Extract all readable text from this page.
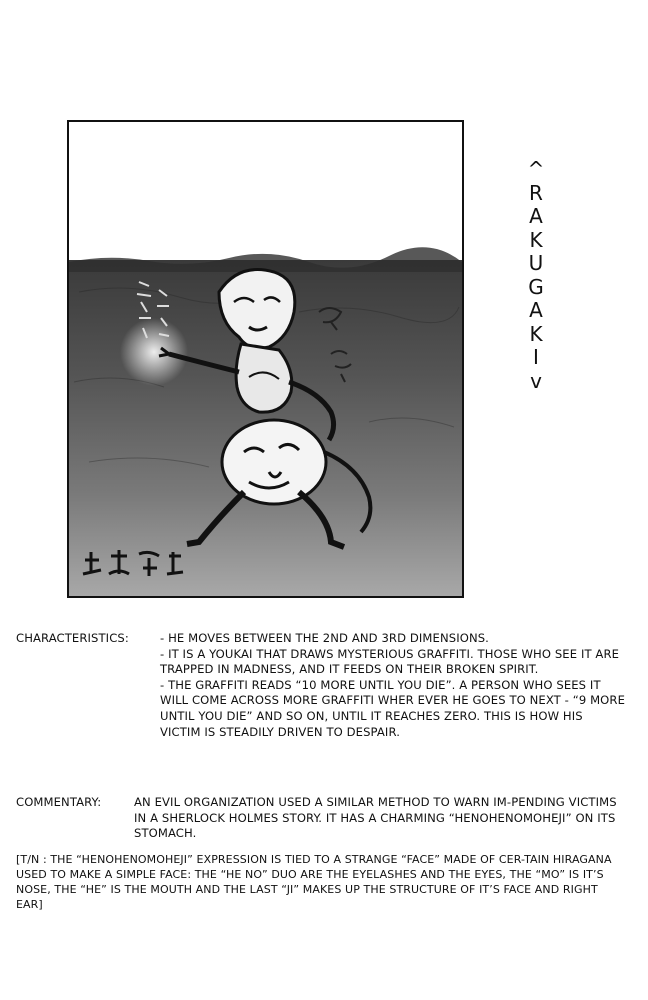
^
R
A
K
U
G
A
K
I
v
CHARACTERISTICS:	- HE MOVES BETWEEN THE 2ND AND 3RD DIMENSIONS.

- IT IS A YOUKAI THAT DRAWS MYSTERIOUS GRAFFITI. THOSE WHO SEE IT ARE TRAPPED IN MADNESS, AND IT FEEDS ON THEIR BROKEN SPIRIT.

- THE GRAFFITI READS “10 MORE UNTIL YOU DIE”. A PERSON WHO SEES IT WILL COME ACROSS MORE GRAFFITI WHER EVER HE GOES TO NEXT - “9 MORE UNTIL YOU DIE” AND SO ON, UNTIL IT REACHES ZERO. THIS IS HOW HIS VICTIM IS STEADILY DRIVEN TO DESPAIR.

COMMENTARY:	AN EVIL ORGANIZATION USED A SIMILAR METHOD TO WARN IM-PENDING VICTIMS IN A SHERLOCK HOLMES STORY. IT HAS A CHARMING “HENOHENOMOHEJI” ON ITS STOMACH.
[T/N : THE “HENOHENOMOHEJI” EXPRESSION IS TIED TO A STRANGE “FACE” MADE OF CER-TAIN HIRAGANA USED TO MAKE A SIMPLE FACE: THE “HE NO” DUO ARE THE EYELASHES AND THE EYES, THE “MO” IS IT’S NOSE, THE “HE” IS THE MOUTH AND THE LAST “JI” MAKES UP THE STRUCTURE OF IT’S FACE AND RIGHT EAR]
